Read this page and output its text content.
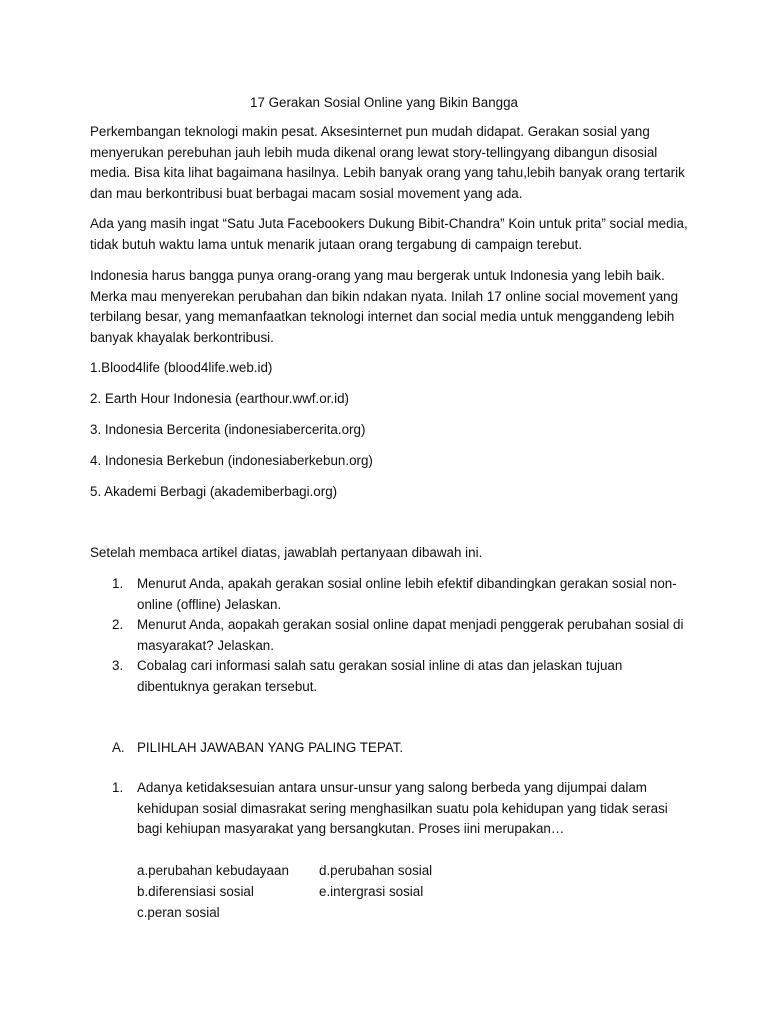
17 Gerakan Sosial Online yang Bikin Bangga

Perkembangan teknologi makin pesat. Aksesinternet pun mudah didapat. Gerakan sosial yang menyerukan perebuhan jauh lebih muda dikenal orang lewat story-tellingyang dibangun disosial media. Bisa kita lihat bagaimana hasilnya. Lebih banyak orang yang tahu,lebih banyak orang tertarik dan mau berkontribusi buat berbagai macam sosial movement yang ada.

Ada yang masih ingat “Satu Juta Facebookers Dukung Bibit-Chandra” Koin untuk prita” social media, tidak butuh waktu lama untuk menarik jutaan orang tergabung di campaign terebut.

Indonesia harus bangga punya orang-orang yang mau bergerak untuk Indonesia yang lebih baik. Merka mau menyerekan perubahan dan bikin ndakan nyata. Inilah 17 online social movement yang terbilang besar, yang memanfaatkan teknologi internet dan social media untuk menggandeng lebih banyak khayalak berkontribusi.

1.Blood4life (blood4life.web.id)
2. Earth Hour Indonesia (earthour.wwf.or.id)
3. Indonesia Bercerita (indonesiabercerita.org)
4. Indonesia Berkebun (indonesiaberkebun.org)
5. Akademi Berbagi (akademiberbagi.org)
Setelah membaca artikel diatas, jawablah pertanyaan dibawah ini.
1. Menurut Anda, apakah gerakan sosial online lebih efektif dibandingkan gerakan sosial non-online (offline) Jelaskan.
2. Menurut Anda, aopakah gerakan sosial online dapat menjadi penggerak perubahan sosial di masyarakat? Jelaskan.
3. Cobalag cari informasi salah satu gerakan sosial inline di atas dan jelaskan tujuan dibentuknya gerakan tersebut.
A. PILIHLAH JAWABAN YANG PALING TEPAT.
1. Adanya ketidaksesuian antara unsur-unsur yang salong berbeda yang dijumpai dalam kehidupan sosial dimasrakat sering menghasilkan suatu pola kehidupan yang tidak serasi bagi kehiupan masyarakat yang bersangkutan. Proses iini merupakan…
a.perubahan kebudayaan d.perubahan sosial
b.diferensiasi sosial	e.intergrasi sosial
c.peran sosial
